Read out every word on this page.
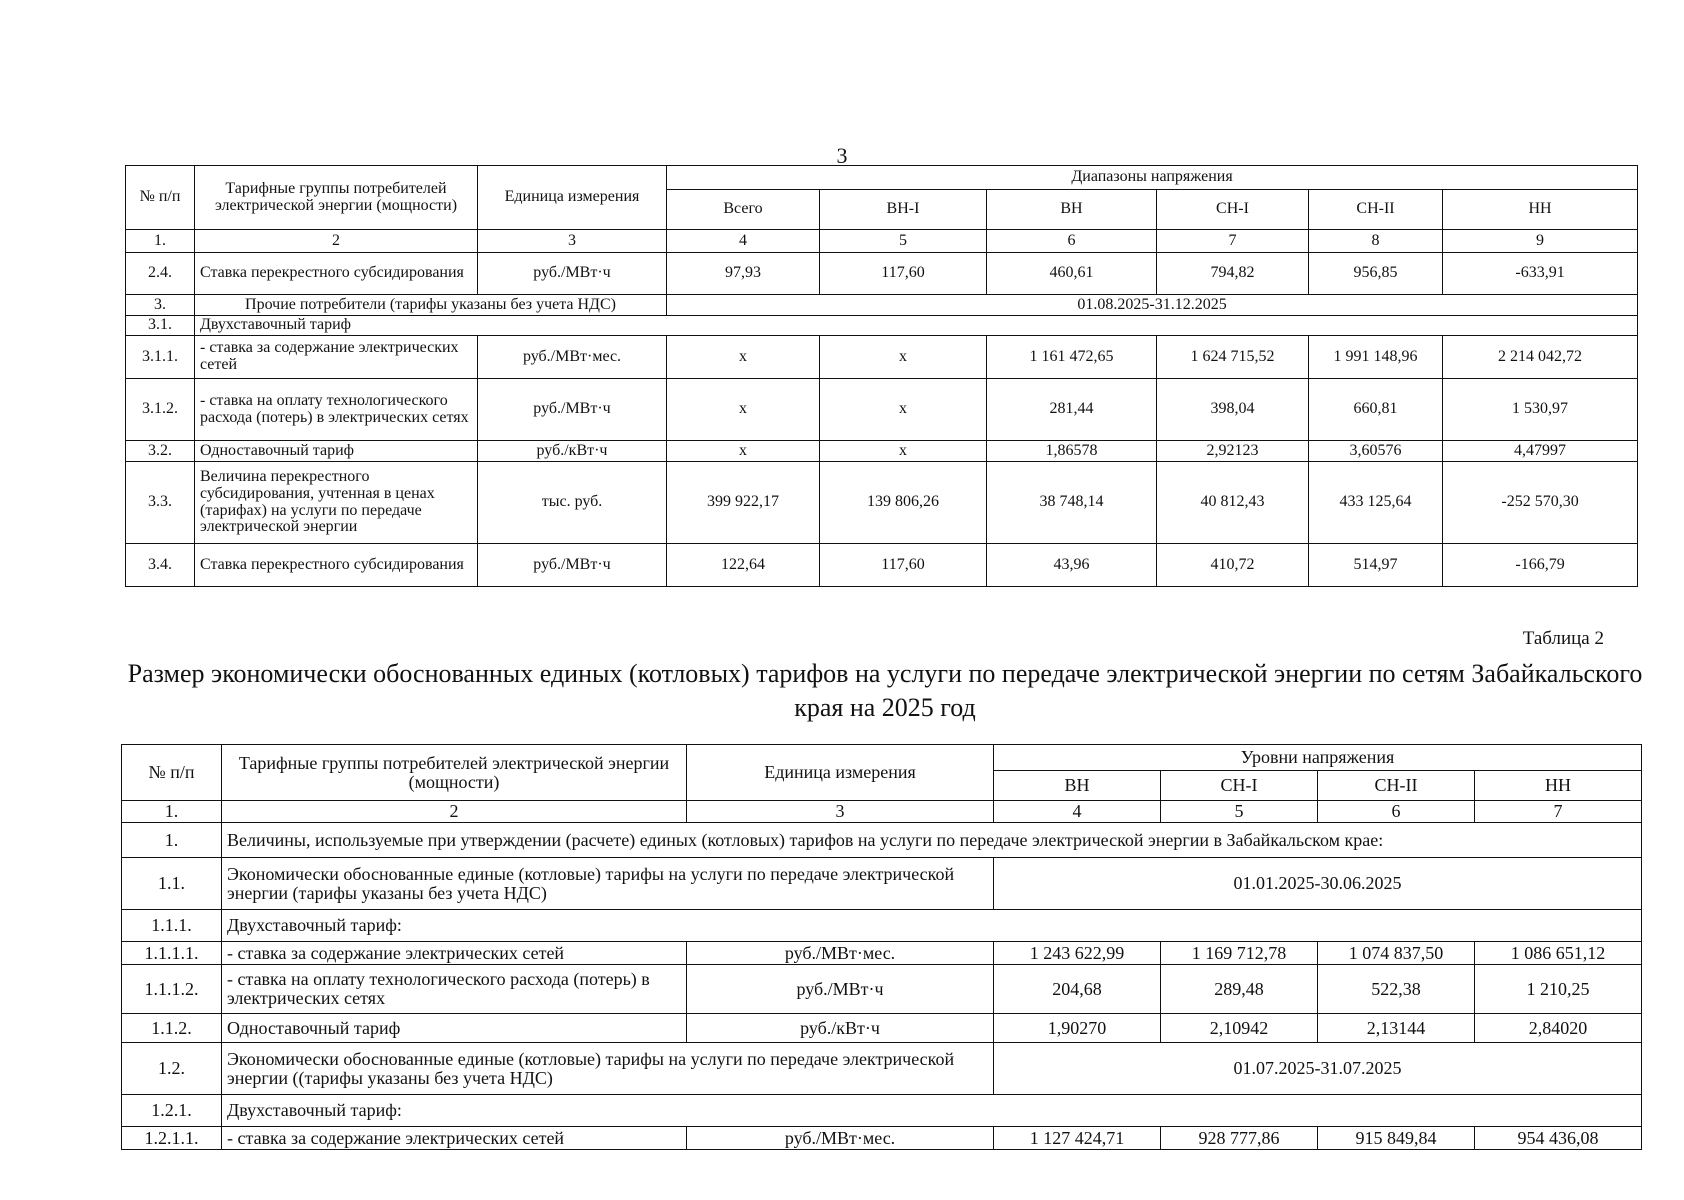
3
№ п/п	Тарифные группы потребителей электрической энергии (мощности)	Единица измерения	Диапазоны напряжения					
			Всего	ВН-I	ВН	СН-I	СН-II	НН
1.	2	3	4	5	6	7	8	9
2.4.	Ставка перекрестного субсидирования	руб./МВт·ч	97,93	117,60	460,61	794,82	956,85	-633,91
3.	Прочие потребители (тарифы указаны без учета НДС)		01.08.2025-31.12.2025					
3.1.	Двухставочный тариф							
3.1.1.	- ставка за содержание электрических сетей	руб./МВт·мес.	х	х	1 161 472,65	1 624 715,52	1 991 148,96	2 214 042,72
3.1.2.	- ставка на оплату технологического расхода (потерь) в электрических сетях	руб./МВт·ч	х	х	281,44	398,04	660,81	1 530,97
3.2.	Одноставочный тариф	руб./кВт·ч	х	х	1,86578	2,92123	3,60576	4,47997
3.3.	Величина перекрестного субсидирования, учтенная в ценах (тарифах) на услуги по передаче электрической энергии	тыс. руб.	399 922,17	139 806,26	38 748,14	40 812,43	433 125,64	-252 570,30
3.4.	Ставка перекрестного субсидирования	руб./МВт·ч	122,64	117,60	43,96	410,72	514,97	-166,79
Таблица 2
Размер экономически обоснованных единых (котловых) тарифов на услуги по передаче электрической энергии по сетям Забайкальского края на 2025 год
№ п/п	Тарифные группы потребителей электрической энергии (мощности)	Единица измерения	Уровни напряжения			
			ВН	СН-I	СН-II	НН
1.	2	3	4	5	6	7
1.	Величины, используемые при утверждении (расчете) единых (котловых) тарифов на услуги по передаче электрической энергии в Забайкальском крае:					
1.1.	Экономически обоснованные единые (котловые) тарифы на услуги по передаче электрической энергии (тарифы указаны без учета НДС)		01.01.2025-30.06.2025			
1.1.1.	Двухставочный тариф:					
1.1.1.1.	- ставка за содержание электрических сетей	руб./МВт·мес.	1 243 622,99	1 169 712,78	1 074 837,50	1 086 651,12
1.1.1.2.	- ставка на оплату технологического расхода (потерь) в электрических сетях	руб./МВт·ч	204,68	289,48	522,38	1 210,25
1.1.2.	Одноставочный тариф	руб./кВт·ч	1,90270	2,10942	2,13144	2,84020
1.2.	Экономически обоснованные единые (котловые) тарифы на услуги по передаче электрической энергии ((тарифы указаны без учета НДС)		01.07.2025-31.07.2025			
1.2.1.	Двухставочный тариф:					
1.2.1.1.	- ставка за содержание электрических сетей	руб./МВт·мес.	1 127 424,71	928 777,86	915 849,84	954 436,08
